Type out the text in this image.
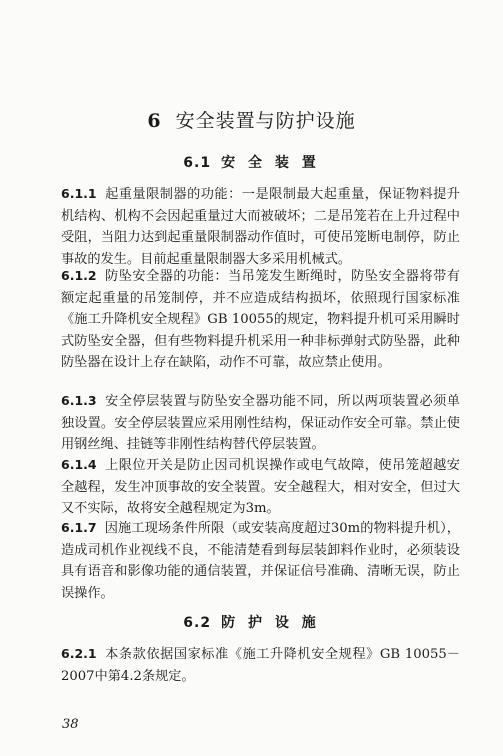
6 安全装置与防护设施
6.1 安 全 装 置
6.1.1 起重量限制器的功能：一是限制最大起重量，保证物料提升机结构、机构不会因起重量过大而被破坏；二是吊笼若在上升过程中受阻，当阻力达到起重量限制器动作值时，可使吊笼断电制停，防止事故的发生。目前起重量限制器大多采用机械式。
6.1.2 防坠安全器的功能：当吊笼发生断绳时，防坠安全器将带有额定起重量的吊笼制停，并不应造成结构损坏，依照现行国家标准《施工升降机安全规程》GB 10055的规定，物料提升机可采用瞬时式防坠安全器，但有些物料提升机采用一种非标弹射式防坠器，此种防坠器在设计上存在缺陷，动作不可靠，故应禁止使用。
6.1.3 安全停层装置与防坠安全器功能不同，所以两项装置必须单独设置。安全停层装置应采用刚性结构，保证动作安全可靠。禁止使用钢丝绳、挂链等非刚性结构替代停层装置。
6.1.4 上限位开关是防止因司机误操作或电气故障，使吊笼超越安全越程，发生冲顶事故的安全装置。安全越程大，相对安全，但过大又不实际，故将安全越程规定为3m。
6.1.7 因施工现场条件所限（或安装高度超过30m的物料提升机），造成司机作业视线不良，不能清楚看到每层装卸料作业时，必须装设具有语音和影像功能的通信装置，并保证信号准确、清晰无误，防止误操作。
6.2 防 护 设 施
6.2.1 本条款依据国家标准《施工升降机安全规程》GB 10055－2007中第4.2条规定。
38
